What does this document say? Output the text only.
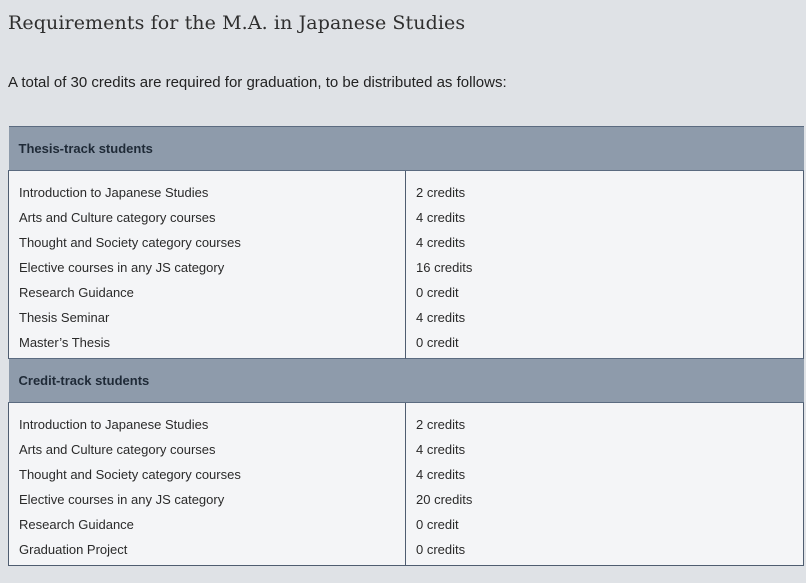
Requirements for the M.A. in Japanese Studies

A total of 30 credits are required for graduation, to be distributed as follows:

Thesis-track students	
Introduction to Japanese Studies	2 credits
Arts and Culture category courses	4 credits
Thought and Society category courses	4 credits
Elective courses in any JS category	16 credits
Research Guidance	0 credit
Thesis Seminar	4 credits
Master’s Thesis	0 credit
Credit-track students	
Introduction to Japanese Studies	2 credits
Arts and Culture category courses	4 credits
Thought and Society category courses	4 credits
Elective courses in any JS category	20 credits
Research Guidance	0 credit
Graduation Project	0 credits
